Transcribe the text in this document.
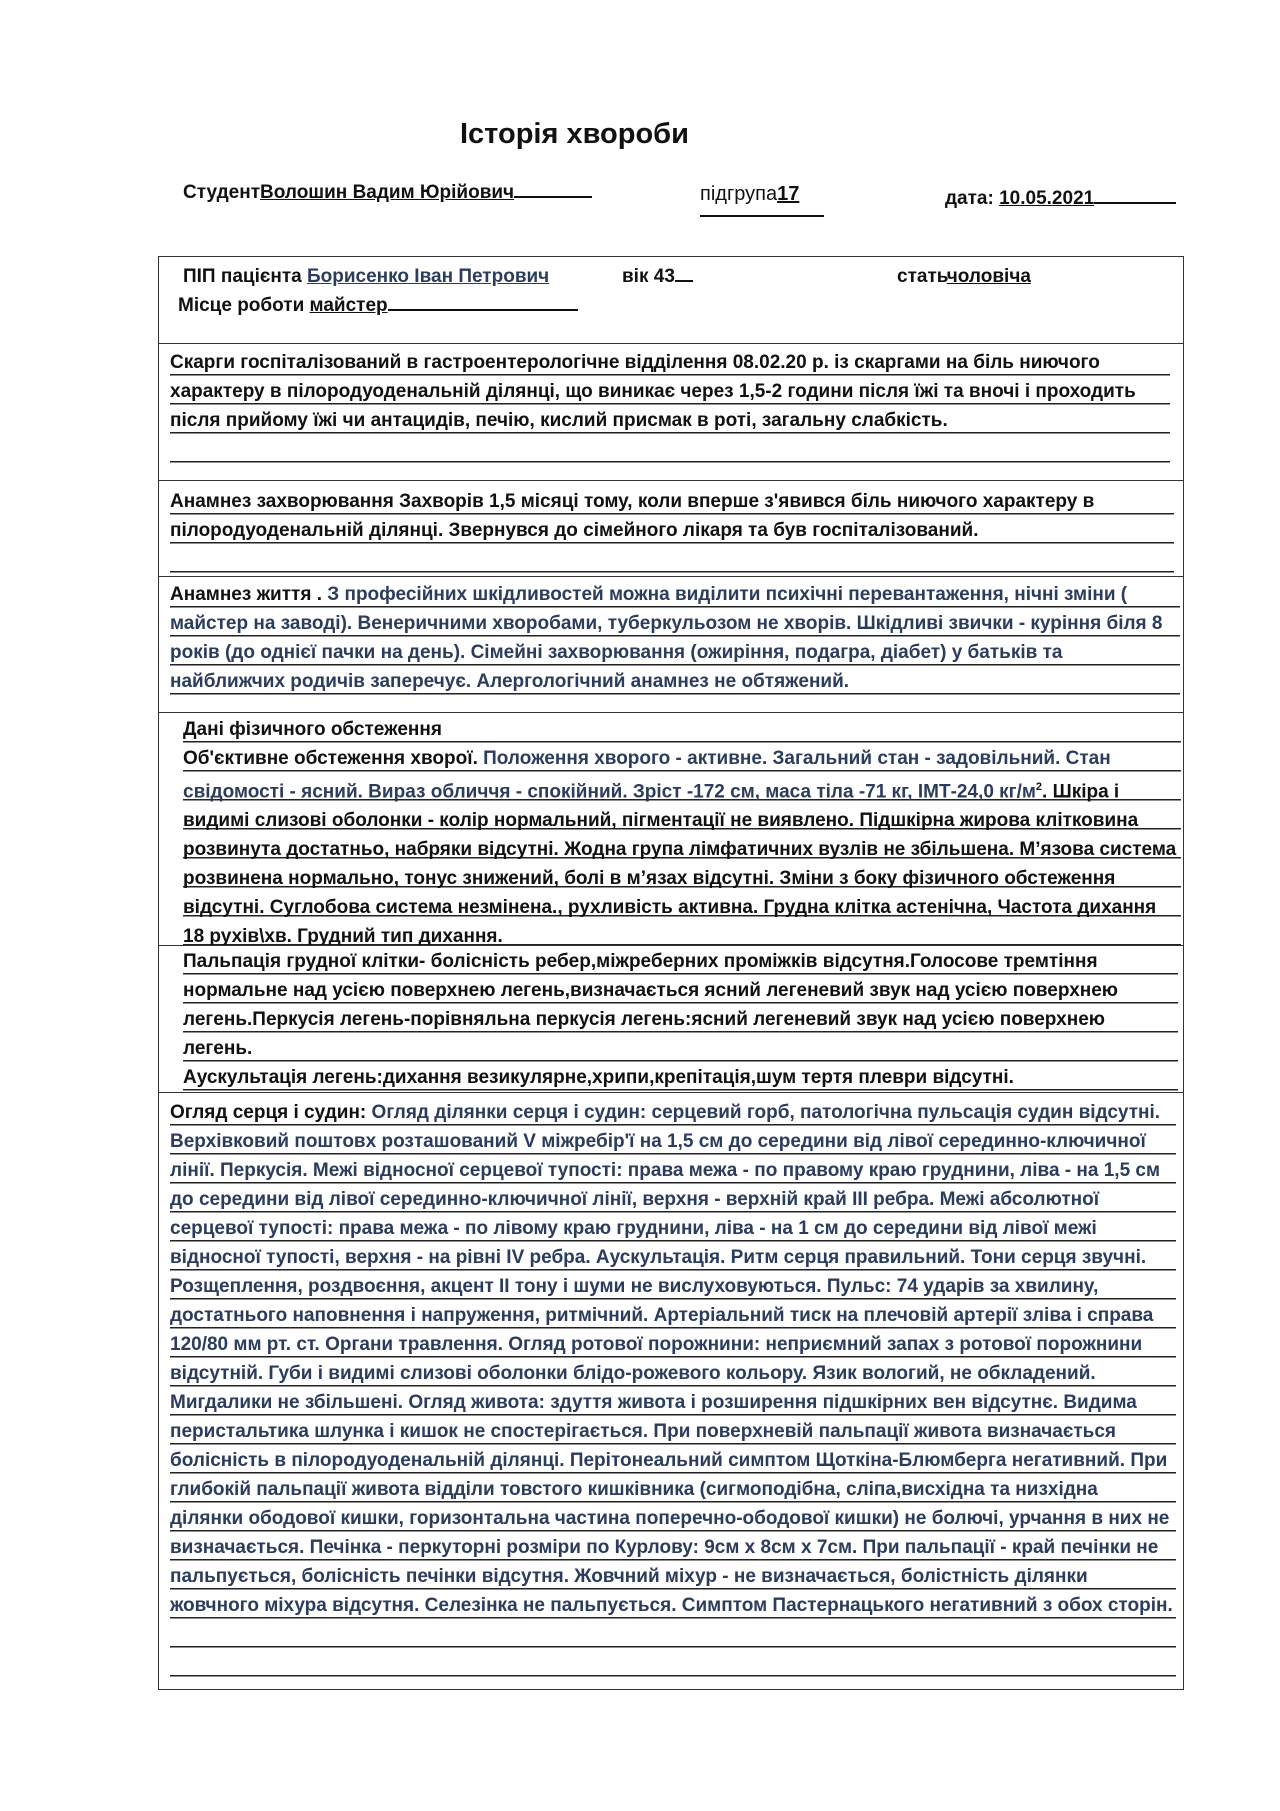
Історія хвороби
СтудентВолошин Вадим Юрійович	підгрупа17	дата: 10.05.2021
ПІП пацієнта Борисенко Іван Петрович	вік 43	статьчоловіча
Місце роботи майстер
Скарги госпіталізований в гастроентерологічне відділення 08.02.20 р. із скаргами на біль ниючого характеру в пілородуоденальній ділянці, що виникає через 1,5-2 години після їжі та вночі і проходить після прийому їжі чи антацидів, печію, кислий присмак в роті, загальну слабкість.
Анамнез захворювання Захворів 1,5 місяці тому, коли вперше з'явився біль ниючого характеру в пілородуоденальній ділянці. Звернувся до сімейного лікаря та був госпіталізований.
Анамнез життя . З професійних шкідливостей можна виділити психічні перевантаження, нічні зміни ( майстер на заводі). Венеричними хворобами, туберкульозом не хворів. Шкідливі звички - куріння біля 8 років (до однієї пачки на день). Сімейні захворювання (ожиріння, подагра, діабет) у батьків та найближчих родичів заперечує. Алергологічний анамнез не обтяжений.
Дані фізичного обстеження
Об'єктивне обстеження хворої. Положення хворого - активне. Загальний стан - задовільний. Стан свідомості - ясний. Вираз обличчя - спокійний. Зріст -172 см, маса тіла -71 кг, ІМТ-24,0 $кг/м^2$. Шкіра і видимі слизові оболонки - колір нормальний, пігментації не виявлено. Підшкірна жирова клітковина розвинута достатньо, набряки відсутні. Жодна група лімфатичних вузлів не збільшена. М’язова система розвинена нормально, тонус знижений, болі в м’язах відсутні. Зміни з боку фізичного обстеження відсутні. Суглобова система незмінена., рухливість активна. Грудна клітка астенічна, Частота дихання 18 рухів\хв. Грудний тип дихання.
Пальпація грудної клітки- болісність ребер,міжреберних проміжків відсутня.Голосове тремтіння нормальне над усією поверхнею легень,визначається ясний легеневий звук над усією поверхнею легень.Перкусія легень-порівняльна перкусія легень:ясний легеневий звук над усією поверхнею легень.
Аускультація легень:дихання везикулярне,хрипи,крепітація,шум тертя плеври відсутні.
Огляд серця і судин: Огляд ділянки серця і судин: серцевий горб, патологічна пульсація судин відсутні. Верхівковий поштовх розташований V міжребір'ї на 1,5 см до середини від лівої серединно-ключичної лінії. Перкусія. Межі відносної серцевої тупості: права межа - по правому краю груднини, ліва - на 1,5 см до середини від лівої серединно-ключичної лінії, верхня - верхній край ІІІ ребра. Межі абсолютної серцевої тупості: права межа - по лівому краю груднини, ліва - на 1 см до середини від лівої межі відносної тупості, верхня - на рівні IV ребра. Аускультація. Ритм серця правильний. Тони серця звучні. Розщеплення, роздвоєння, акцент II тону і шуми не вислуховуються. Пульс: 74 ударів за хвилину, достатнього наповнення і напруження, ритмічний. Артеріальний тиск на плечовій артерії зліва і справа 120/80 мм рт. ст. Органи травлення. Огляд ротової порожнини: неприємний запах з ротової порожнини відсутній. Губи і видимі слизові оболонки блідо-рожевого кольору. Язик вологий, не обкладений. Мигдалики не збільшені. Огляд живота: здуття живота і розширення підшкірних вен відсутнє. Видима перистальтика шлунка і кишок не спостерігається. При поверхневій пальпації живота визначається болісність в пілородуоденальній ділянці. Перітонеальний симптом Щоткіна-Блюмберга негативний. При глибокій пальпації живота відділи товстого кишківника (сигмоподібна, сліпа,висхідна та низхідна ділянки ободової кишки, горизонтальна частина поперечно-ободової кишки) не болючі, урчання в них не визначається. Печінка - перкуторні розміри по Курлову: 9см х 8см х 7см. При пальпації - край печінки не пальпується, болісність печінки відсутня. Жовчний міхур - не визначається, болістність ділянки жовчного міхура відсутня. Селезінка не пальпується. Симптом Пастернацького негативний з обох сторін.
